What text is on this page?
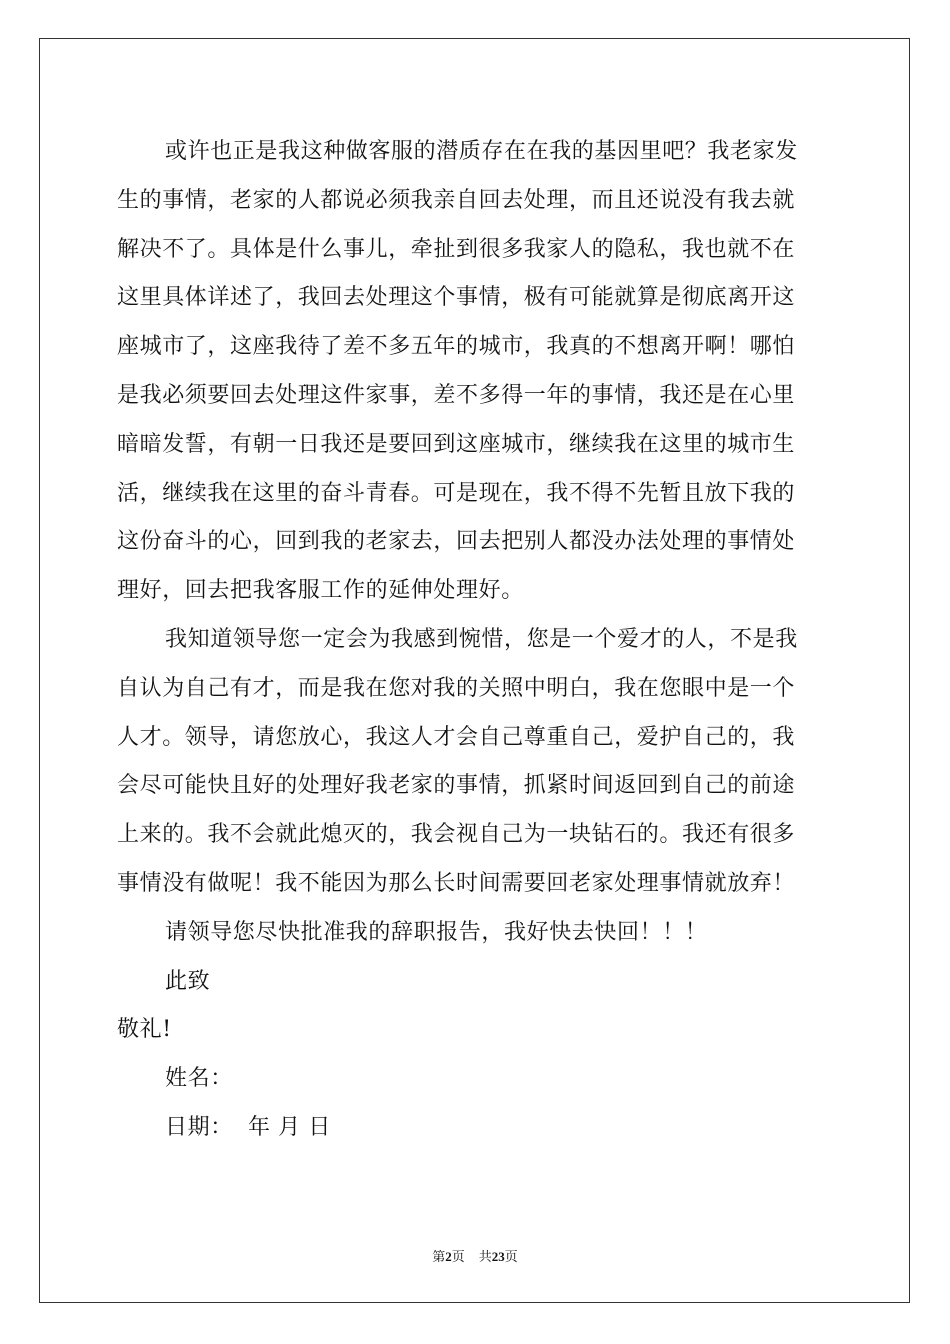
或许也正是我这种做客服的潜质存在在我的基因里吧？我老家发
生的事情，老家的人都说必须我亲自回去处理，而且还说没有我去就
解决不了。具体是什么事儿，牵扯到很多我家人的隐私，我也就不在
这里具体详述了，我回去处理这个事情，极有可能就算是彻底离开这
座城市了，这座我待了差不多五年的城市，我真的不想离开啊！哪怕
是我必须要回去处理这件家事，差不多得一年的事情，我还是在心里
暗暗发誓，有朝一日我还是要回到这座城市，继续我在这里的城市生
活，继续我在这里的奋斗青春。可是现在，我不得不先暂且放下我的
这份奋斗的心，回到我的老家去，回去把别人都没办法处理的事情处
理好，回去把我客服工作的延伸处理好。
我知道领导您一定会为我感到惋惜，您是一个爱才的人，不是我
自认为自己有才，而是我在您对我的关照中明白，我在您眼中是一个
人才。领导，请您放心，我这人才会自己尊重自己，爱护自己的，我
会尽可能快且好的处理好我老家的事情，抓紧时间返回到自己的前途
上来的。我不会就此熄灭的，我会视自己为一块钻石的。我还有很多
事情没有做呢！我不能因为那么长时间需要回老家处理事情就放弃！
请领导您尽快批准我的辞职报告，我好快去快回！！！
此致
敬礼!
姓名：
日期：  年 月 日
第2页 共23页
